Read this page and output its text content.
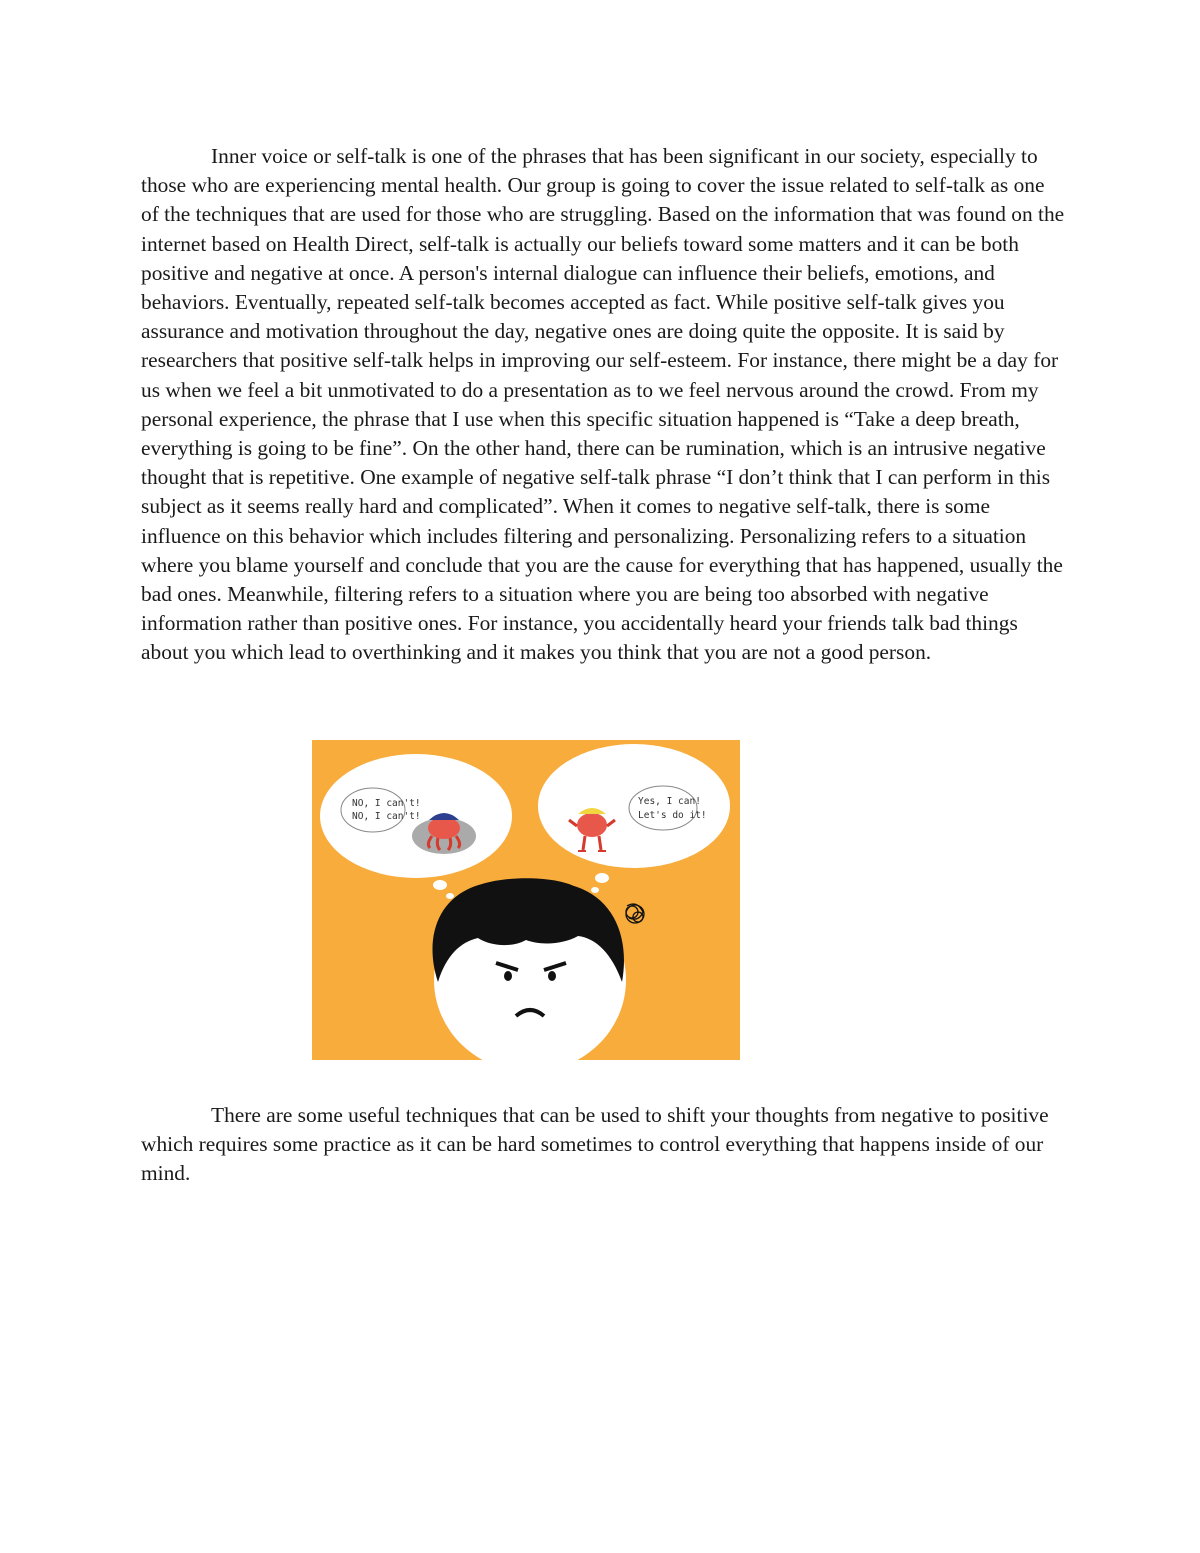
Inner voice or self-talk is one of the phrases that has been significant in our society, especially to those who are experiencing mental health. Our group is going to cover the issue related to self-talk as one of the techniques that are used for those who are struggling. Based on the information that was found on the internet based on Health Direct, self-talk is actually our beliefs toward some matters and it can be both positive and negative at once. A person's internal dialogue can influence their beliefs, emotions, and behaviors. Eventually, repeated self-talk becomes accepted as fact. While positive self-talk gives you assurance and motivation throughout the day, negative ones are doing quite the opposite. It is said by researchers that positive self-talk helps in improving our self-esteem. For instance, there might be a day for us when we feel a bit unmotivated to do a presentation as to we feel nervous around the crowd. From my personal experience, the phrase that I use when this specific situation happened is “Take a deep breath, everything is going to be fine”. On the other hand, there can be rumination, which is an intrusive negative thought that is repetitive. One example of negative self-talk phrase “I don’t think that I can perform in this subject as it seems really hard and complicated”. When it comes to negative self-talk, there is some influence on this behavior which includes filtering and personalizing. Personalizing refers to a situation where you blame yourself and conclude that you are the cause for everything that has happened, usually the bad ones. Meanwhile, filtering refers to a situation where you are being too absorbed with negative information rather than positive ones. For instance, you accidentally heard your friends talk bad things about you which lead to overthinking and it makes you think that you are not a good person.

NO, I can't!
NO, I can't!
Yes, I can!
Let's do it!

There are some useful techniques that can be used to shift your thoughts from negative to positive which requires some practice as it can be hard sometimes to control everything that happens inside of our mind.
